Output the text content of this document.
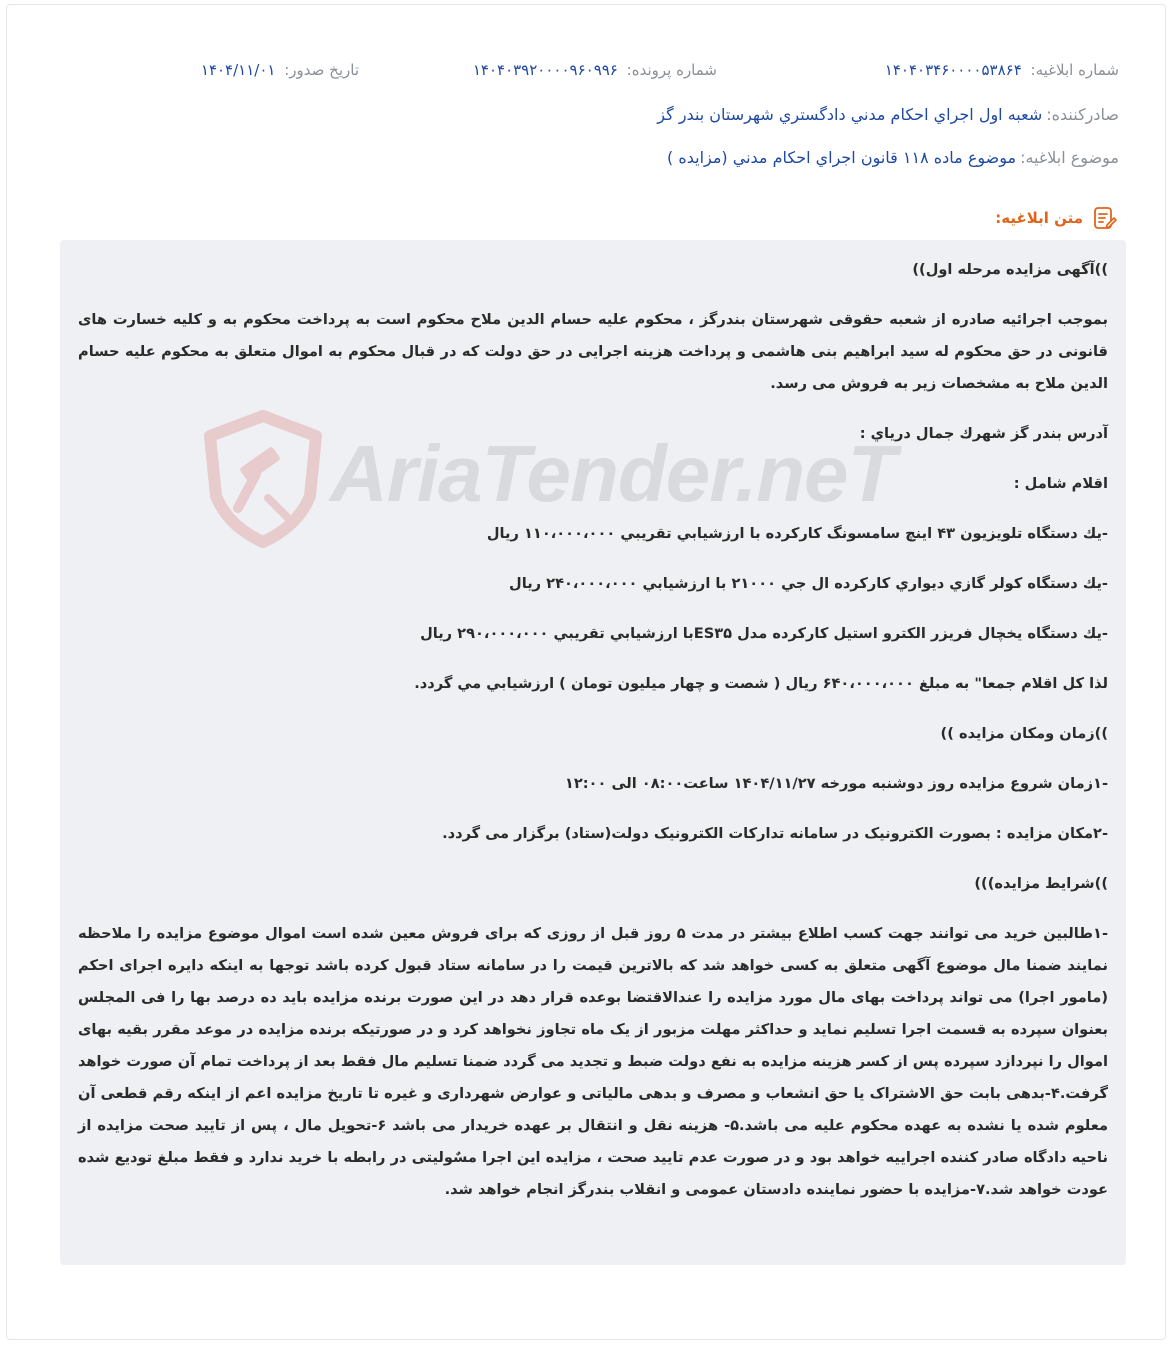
شماره ابلاغیه: ۱۴۰۴۰۳۴۶۰۰۰۰۵۳۸۶۴
شماره پرونده: ۱۴۰۴۰۳۹۲۰۰۰۰۹۶۰۹۹۶
تاریخ صدور: ۱۴۰۴/۱۱/۰۱
صادرکننده:
شعبه اول اجراي احكام مدني دادگستري شهرستان بندر گز
موضوع ابلاغیه:
موضوع ماده ۱۱۸ قانون اجراي احكام مدني (مزايده )
متن ابلاغیه:
AriaTender.neT

))آگهی مزایده مرحله اول))

بموجب اجرائیه صادره از شعبه حقوقی شهرستان بندرگز ، محکوم علیه حسام الدین ملاح محکوم است به پرداخت محکوم به و کلیه خسارت های قانونی در حق محکوم له سید ابراهیم بنی هاشمی و پرداخت هزینه اجرایی در حق دولت که در قبال محکوم به اموال متعلق به محکوم علیه حسام الدین ملاح به مشخصات زیر به فروش می رسد.

آدرس بندر گز شهرك جمال درياي :

اقلام شامل :

-يك دستگاه تلويزيون ۴۳ اينچ سامسونگ كاركرده با ارزشيابي تقريبي ۱۱۰،۰۰۰،۰۰۰ ريال

-يك دستگاه كولر گازي ديواري كاركرده ال جي ۲۱۰۰۰ با ارزشيابي ۲۴۰،۰۰۰،۰۰۰ ريال

-يك دستگاه يخچال فريزر الكترو استيل كاركرده مدل ES۳۵با ارزشيابي تقريبي ۲۹۰،۰۰۰،۰۰۰ ريال

لذا كل اقلام جمعا" به مبلغ ۶۴۰،۰۰۰،۰۰۰ ريال ( شصت و چهار ميليون تومان ) ارزشيابي مي گردد.

))زمان ومکان مزایده ))

-۱زمان شروع مزایده روز دوشنبه مورخه ۱۴۰۴/۱۱/۲۷ ساعت۰۸:۰۰ الی ۱۲:۰۰

-۲مکان مزایده : بصورت الکترونیک در سامانه تدارکات الکترونیک دولت(ستاد) برگزار می گردد.

))شرایط مزایده)))

-۱طالبین خرید می توانند جهت کسب اطلاع بیشتر در مدت ۵ روز قبل از روزی که برای فروش معین شده است اموال موضوع مزایده را ملاحظه نمایند ضمنا مال موضوع آگهی متعلق به کسی خواهد شد که بالاترین قیمت را در سامانه ستاد قبول کرده باشد توجها به اینکه دایره اجرای احکم (مامور اجرا) می تواند پرداخت بهای مال مورد مزایده را عندالاقتضا بوعده قرار دهد در این صورت برنده مزایده باید ده درصد بها را فی المجلس بعنوان سپرده به قسمت اجرا تسلیم نماید و حداکثر مهلت مزبور از یک ماه تجاوز نخواهد کرد و در صورتیکه برنده مزایده در موعد مقرر بقیه بهای اموال را نپردازد سپرده پس از کسر هزینه مزایده به نفع دولت ضبط و تجدید می گردد ضمنا تسلیم مال فقط بعد از پرداخت تمام آن صورت خواهد گرفت.۴-بدهی بابت حق الاشتراک یا حق انشعاب و مصرف و بدهی مالیاتی و عوارض شهرداری و غیره تا تاریخ مزایده اعم از اینکه رقم قطعی آن معلوم شده یا نشده به عهده محکوم علیه می باشد.۵- هزینه نقل و انتقال بر عهده خریدار می باشد ۶-تحویل مال ، پس از تایید صحت مزایده از ناحیه دادگاه صادر کننده اجراییه خواهد بود و در صورت عدم تایید صحت ، مزایده این اجرا مسٌولیتی در رابطه با خرید ندارد و فقط مبلغ تودیع شده عودت خواهد شد.۷-مزایده با حضور نماینده دادستان عمومی و انقلاب بندرگز انجام خواهد شد.
